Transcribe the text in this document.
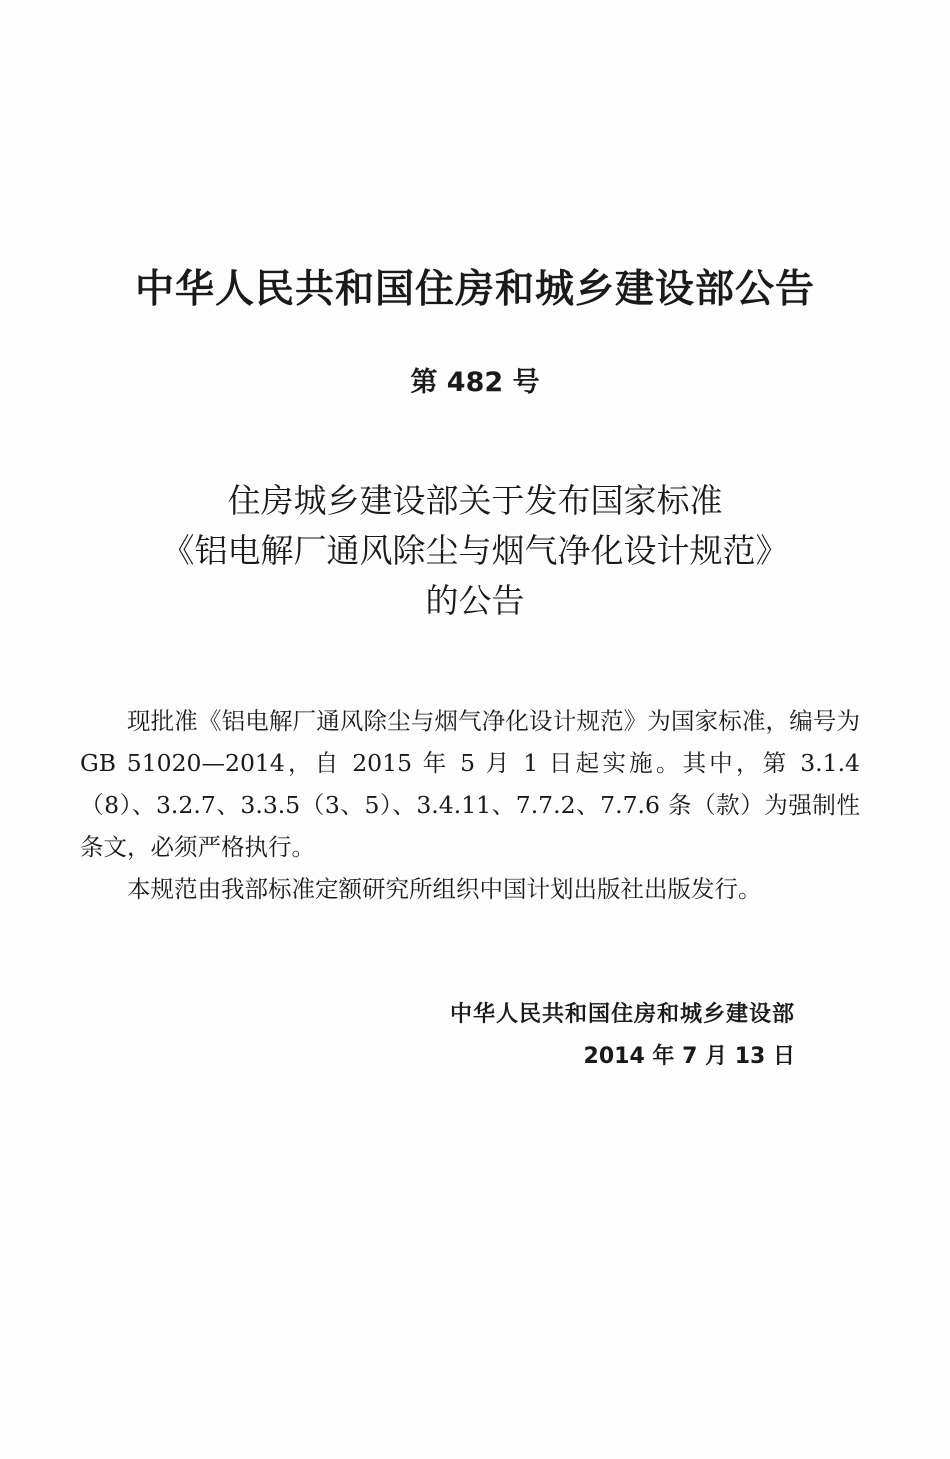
中华人民共和国住房和城乡建设部公告
第 482 号
住房城乡建设部关于发布国家标准
《铝电解厂通风除尘与烟气净化设计规范》
的公告

现批准《铝电解厂通风除尘与烟气净化设计规范》为国家标准，编号为GB 51020—2014，自 2015 年 5 月 1 日起实施。其中，第 3.1.4（8）、3.2.7、3.3.5（3、5）、3.4.11、7.7.2、7.7.6 条（款）为强制性条文，必须严格执行。

本规范由我部标准定额研究所组织中国计划出版社出版发行。

中华人民共和国住房和城乡建设部
2014 年 7 月 13 日
